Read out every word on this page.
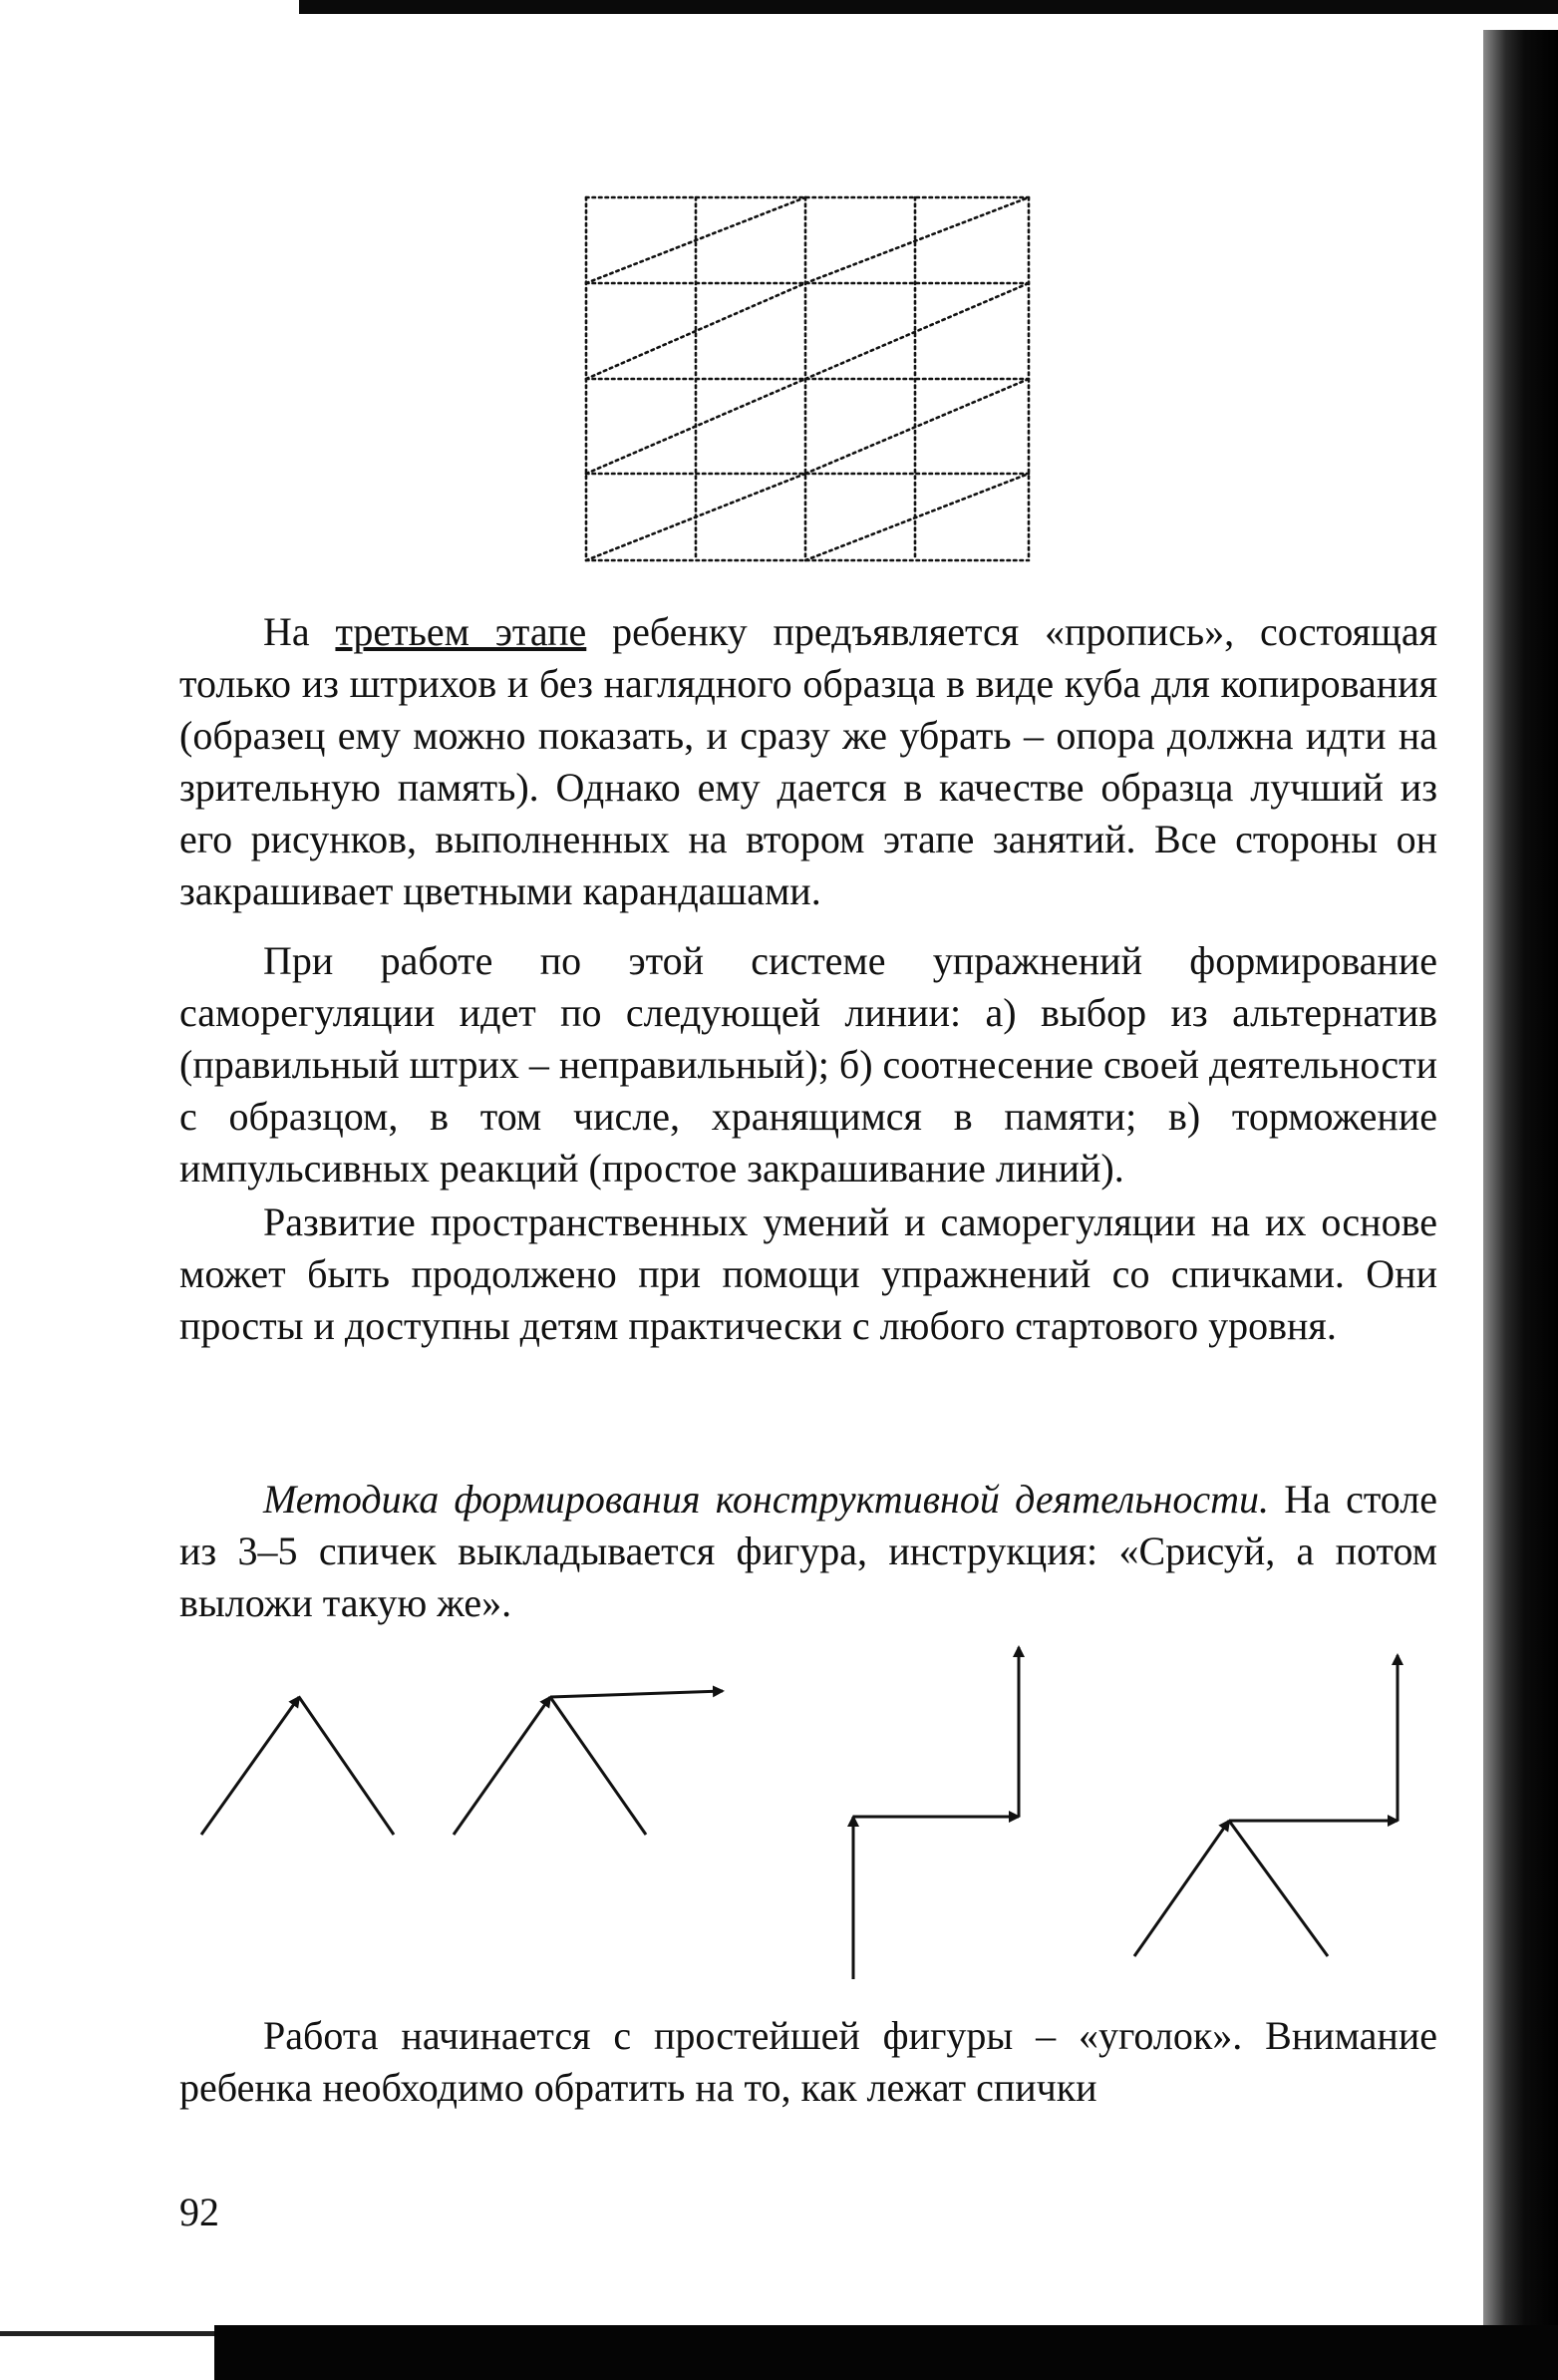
На третьем этапе ребенку предъявляется «пропись», состоящая только из штрихов и без наглядного образца в виде куба для копирования (образец ему можно показать, и сразу же убрать – опора должна идти на зрительную память). Однако ему дается в качестве образца лучший из его рисунков, выполненных на втором этапе занятий. Все стороны он закрашивает цветными карандашами.

При работе по этой системе упражнений формирование саморегуляции идет по следующей линии: а) выбор из альтернатив (правильный штрих – неправильный); б) соотнесение своей деятельности с образцом, в том числе, хранящимся в памяти; в) торможение импульсивных реакций (простое закрашивание линий).

Развитие пространственных умений и саморегуляции на их основе может быть продолжено при помощи упражнений со спичками. Они просты и доступны детям практически с любого стартового уровня.

Методика формирования конструктивной деятельности. На столе из 3–5 спичек выкладывается фигура, инструкция: «Срисуй, а потом выложи такую же».

Работа начинается с простейшей фигуры – «уголок». Внимание ребенка необходимо обратить на то, как лежат спички

92
